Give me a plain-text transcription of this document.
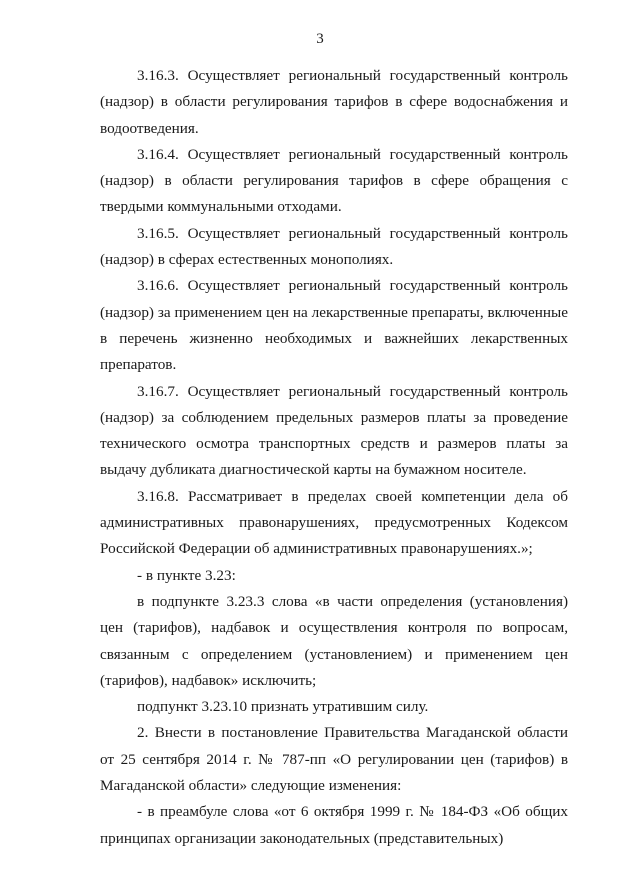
3

3.16.3. Осуществляет региональный государственный контроль (надзор) в области регулирования тарифов в сфере водоснабжения и водоотведения.

3.16.4. Осуществляет региональный государственный контроль (надзор) в области регулирования тарифов в сфере обращения с твердыми коммунальными отходами.

3.16.5. Осуществляет региональный государственный контроль (надзор) в сферах естественных монополиях.

3.16.6. Осуществляет региональный государственный контроль (надзор) за применением цен на лекарственные препараты, включенные в перечень жизненно необходимых и важнейших лекарственных препаратов.

3.16.7. Осуществляет региональный государственный контроль (надзор) за соблюдением предельных размеров платы за проведение технического осмотра транспортных средств и размеров платы за выдачу дубликата диагностической карты на бумажном носителе.

3.16.8. Рассматривает в пределах своей компетенции дела об административных правонарушениях, предусмотренных Кодексом Российской Федерации об административных правонарушениях.»;

- в пункте 3.23:

в подпункте 3.23.3 слова «в части определения (установления) цен (тарифов), надбавок и осуществления контроля по вопросам, связанным с определением (установлением) и применением цен (тарифов), надбавок» исключить;

подпункт 3.23.10 признать утратившим силу.

2. Внести в постановление Правительства Магаданской области от 25 сентября 2014 г. № 787-пп «О регулировании цен (тарифов) в Магаданской области» следующие изменения:

- в преамбуле слова «от 6 октября 1999 г. № 184-ФЗ «Об общих принципах организации законодательных (представительных)
